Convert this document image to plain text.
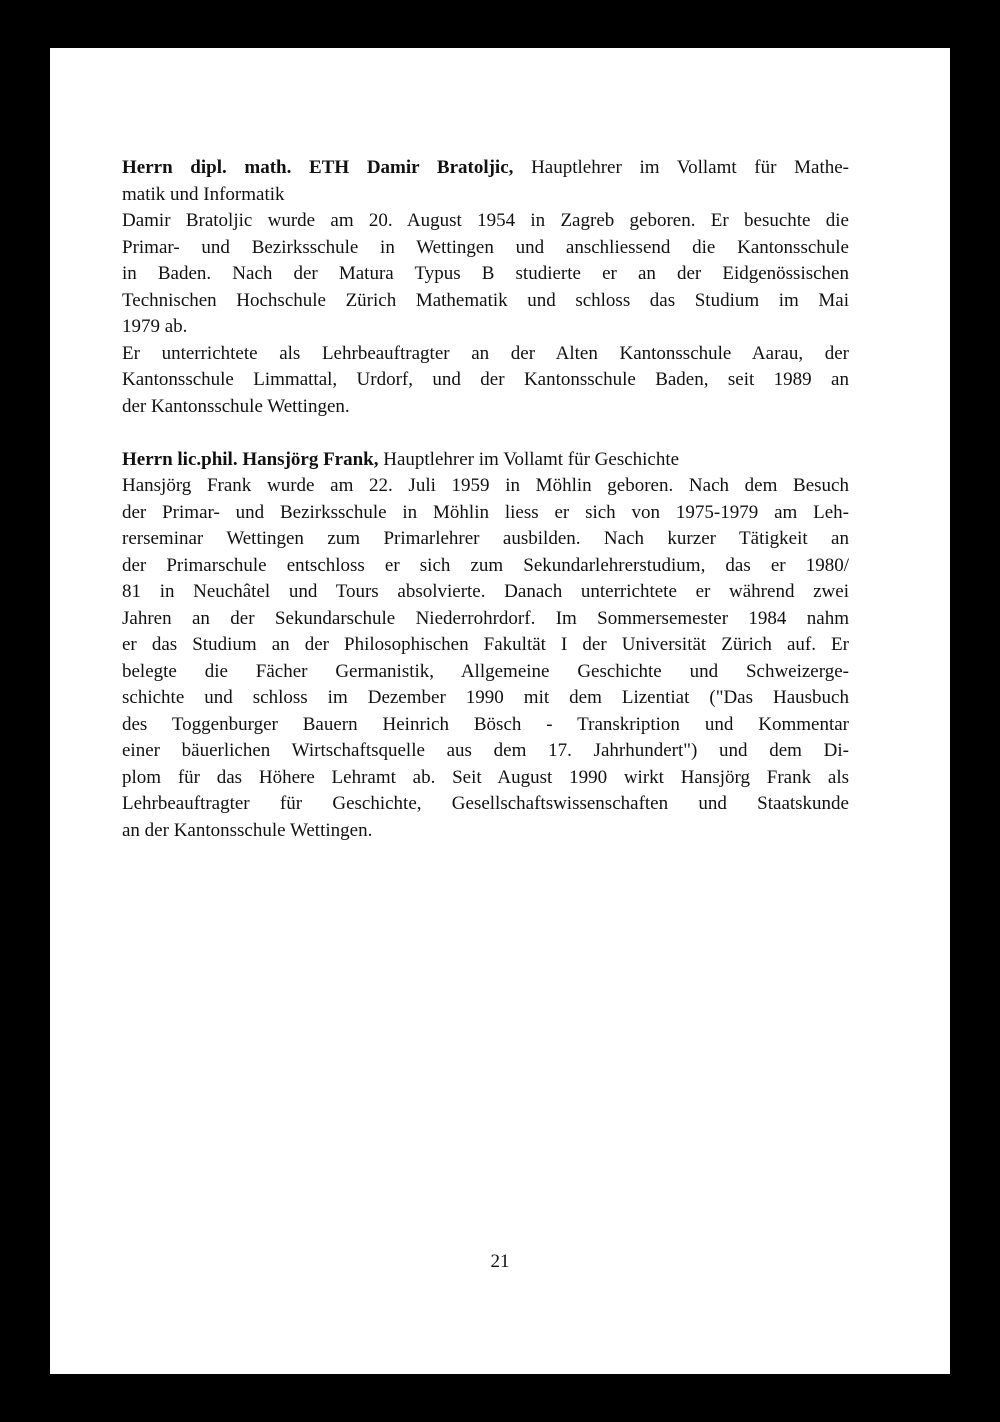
Herrn dipl. math. ETH Damir Bratoljic, Hauptlehrer im Vollamt für Mathe-
matik und Informatik
Damir Bratoljic wurde am 20. August 1954 in Zagreb geboren. Er besuchte die
Primar- und Bezirksschule in Wettingen und anschliessend die Kantonsschule
in Baden. Nach der Matura Typus B studierte er an der Eidgenössischen
Technischen Hochschule Zürich Mathematik und schloss das Studium im Mai
1979 ab.
Er unterrichtete als Lehrbeauftragter an der Alten Kantonsschule Aarau, der
Kantonsschule Limmattal, Urdorf, und der Kantonsschule Baden, seit 1989 an
der Kantonsschule Wettingen.
Herrn lic.phil. Hansjörg Frank, Hauptlehrer im Vollamt für Geschichte
Hansjörg Frank wurde am 22. Juli 1959 in Möhlin geboren. Nach dem Besuch
der Primar- und Bezirksschule in Möhlin liess er sich von 1975-1979 am Leh-
rerseminar Wettingen zum Primarlehrer ausbilden. Nach kurzer Tätigkeit an
der Primarschule entschloss er sich zum Sekundarlehrerstudium, das er 1980/
81 in Neuchâtel und Tours absolvierte. Danach unterrichtete er während zwei
Jahren an der Sekundarschule Niederrohrdorf. Im Sommersemester 1984 nahm
er das Studium an der Philosophischen Fakultät I der Universität Zürich auf. Er
belegte die Fächer Germanistik, Allgemeine Geschichte und Schweizerge-
schichte und schloss im Dezember 1990 mit dem Lizentiat ("Das Hausbuch
des Toggenburger Bauern Heinrich Bösch - Transkription und Kommentar
einer bäuerlichen Wirtschaftsquelle aus dem 17. Jahrhundert") und dem Di-
plom für das Höhere Lehramt ab. Seit August 1990 wirkt Hansjörg Frank als
Lehrbeauftragter für Geschichte, Gesellschaftswissenschaften und Staatskunde
an der Kantonsschule Wettingen.
21
